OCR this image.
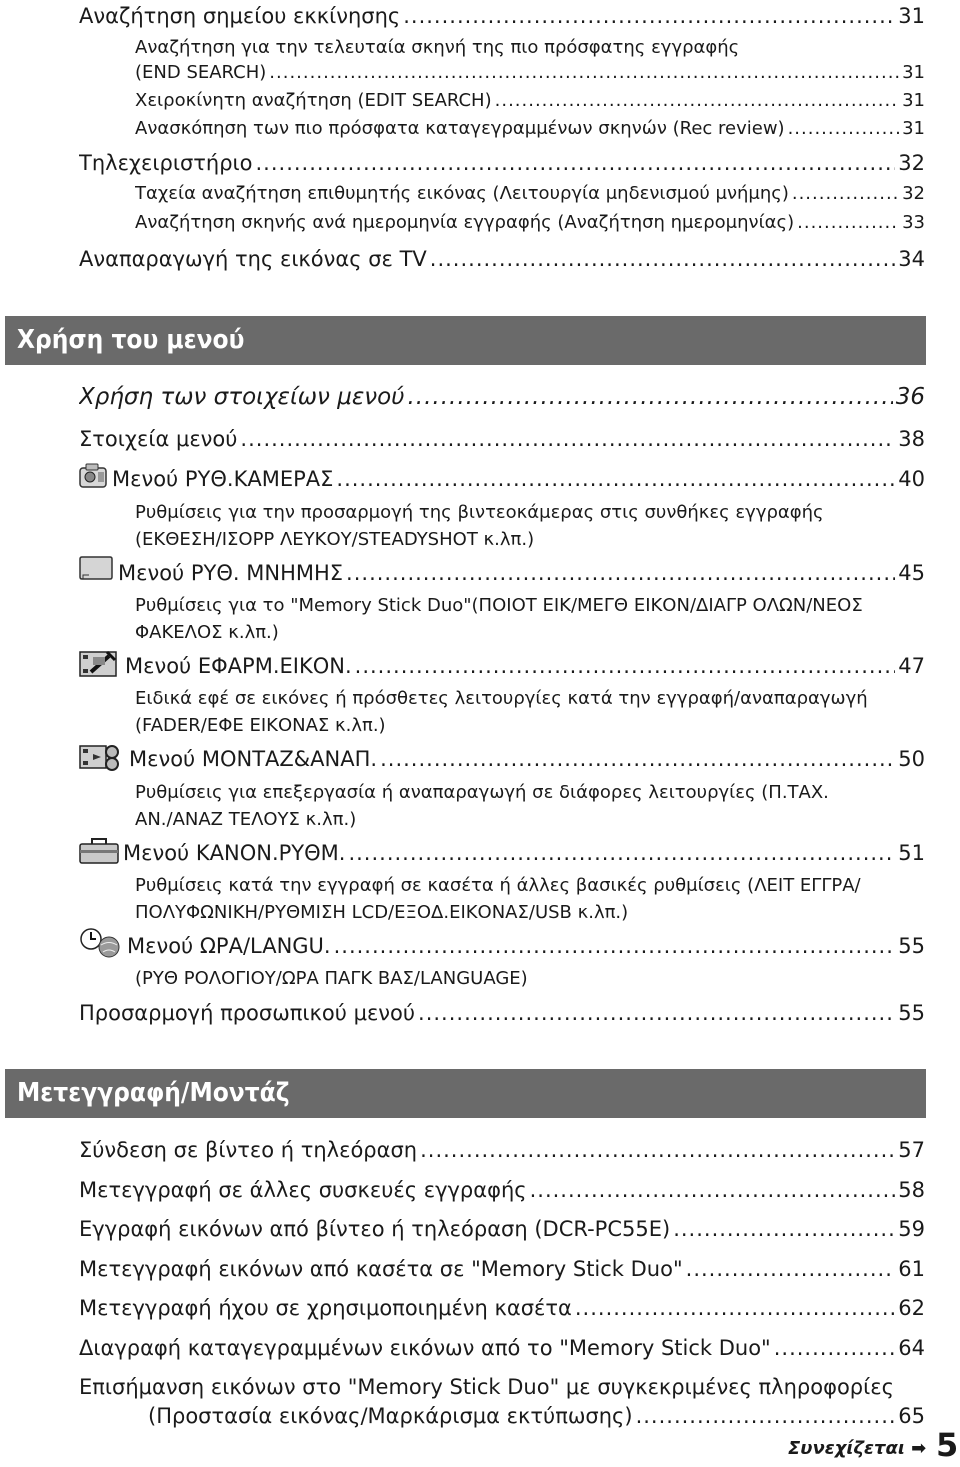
Αναζήτηση σημείου εκκίνησης .....	31
Αναζήτηση για την τελευταία σκηνή της πιο πρόσφατης εγγραφής
(END SEARCH) .....	31
Χειροκίνητη αναζήτηση (EDIT SEARCH) .....	31
Ανασκόπηση των πιο πρόσφατα καταγεγραμμένων σκηνών (Rec review) .....	31
Τηλεχειριστήριο .....	32
Ταχεία αναζήτηση επιθυμητής εικόνας (Λειτουργία μηδενισμού μνήμης) .....	32
Αναζήτηση σκηνής ανά ημερομηνία εγγραφής (Αναζήτηση ημερομηνίας) .....	33
Αναπαραγωγή της εικόνας σε TV .....	34
Χρήση του μενού
Χρήση των στοιχείων μενού .....	36
Στοιχεία μενού .....	38
Μενού ΡΥΘ.ΚΑΜΕΡΑΣ .....	40
Ρυθμίσεις για την προσαρμογή της βιντεοκάμερας στις συνθήκες εγγραφής
(ΕΚΘΕΣΗ/ΙΣΟΡΡ ΛΕΥΚΟΥ/STEADYSHOT κ.λπ.)
Μενού ΡΥΘ. ΜΝΗΜΗΣ .....	45
Ρυθμίσεις για το "Memory Stick Duo"(ΠΟΙΟΤ ΕΙΚ/ΜΕΓΘ ΕΙΚΟΝ/ΔΙΑΓΡ ΟΛΩΝ/ΝΕΟΣ
ΦΑΚΕΛΟΣ κ.λπ.)
Μενού ΕΦΑΡΜ.ΕΙΚΟΝ. .....	47
Ειδικά εφέ σε εικόνες ή πρόσθετες λειτουργίες κατά την εγγραφή/αναπαραγωγή
(FADER/ΕΦΕ ΕΙΚΟΝΑΣ κ.λπ.)
Μενού ΜΟΝΤΑΖ&ΑΝΑΠ. .....	50
Ρυθμίσεις για επεξεργασία ή αναπαραγωγή σε διάφορες λειτουργίες (Π.ΤΑΧ.
ΑΝ./ΑΝΑΖ ΤΕΛΟΥΣ κ.λπ.)
Μενού ΚΑΝΟΝ.ΡΥΘΜ. .....	51
Ρυθμίσεις κατά την εγγραφή σε κασέτα ή άλλες βασικές ρυθμίσεις (ΛΕΙΤ ΕΓΓΡΑ/
ΠΟΛΥΦΩΝΙΚΗ/ΡΥΘΜΙΣΗ LCD/ΕΞΟΔ.ΕΙΚΟΝΑΣ/USB κ.λπ.)
Μενού ΩΡΑ/LANGU. .....	55
(ΡΥΘ ΡΟΛΟΓΙΟΥ/ΩΡΑ ΠΑΓΚ ΒΑΣ/LANGUAGE)
Προσαρμογή προσωπικού μενού .....	55
Μετεγγραφή/Μοντάζ
Σύνδεση σε βίντεο ή τηλεόραση .....	57
Μετεγγραφή σε άλλες συσκευές εγγραφής .....	58
Εγγραφή εικόνων από βίντεο ή τηλεόραση (DCR-PC55E) .....	59
Μετεγγραφή εικόνων από κασέτα σε "Memory Stick Duo" .....	61
Μετεγγραφή ήχου σε χρησιμοποιημένη κασέτα .....	62
Διαγραφή καταγεγραμμένων εικόνων από το "Memory Stick Duo" .....	64
Επισήμανση εικόνων στο "Memory Stick Duo" με συγκεκριμένες πληροφορίες
(Προστασία εικόνας/Μαρκάρισμα εκτύπωσης) .....	65
Συνεχίζεται ➡ 5
